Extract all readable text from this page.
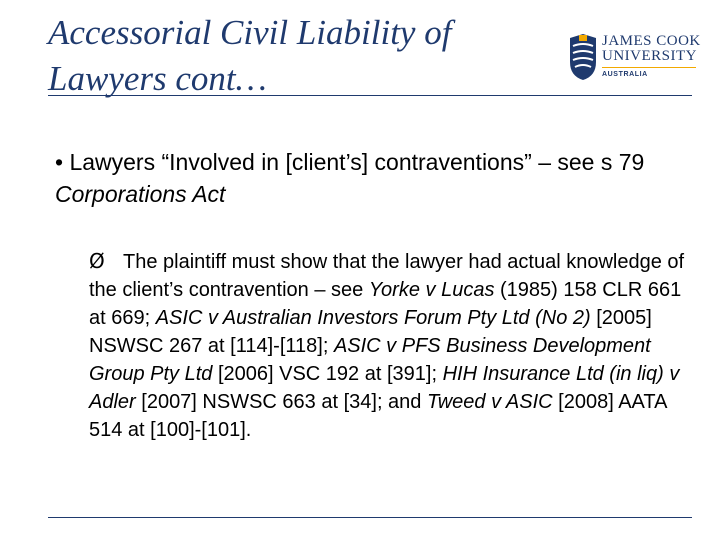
Accessorial Civil Liability of
Lawyers cont…
JAMES COOK
UNIVERSITY
AUSTRALIA
• Lawyers “Involved in [client’s] contraventions” – see s 79 Corporations Act
Ø The plaintiff must show that the lawyer had actual knowledge of the client’s contravention – see Yorke v Lucas (1985) 158 CLR 661 at 669; ASIC v Australian Investors Forum Pty Ltd (No 2) [2005] NSWSC 267 at [114]-[118]; ASIC v PFS Business Development Group Pty Ltd [2006] VSC 192 at [391]; HIH Insurance Ltd (in liq) v Adler [2007] NSWSC 663 at [34]; and Tweed v ASIC [2008] AATA 514 at [100]-[101].
